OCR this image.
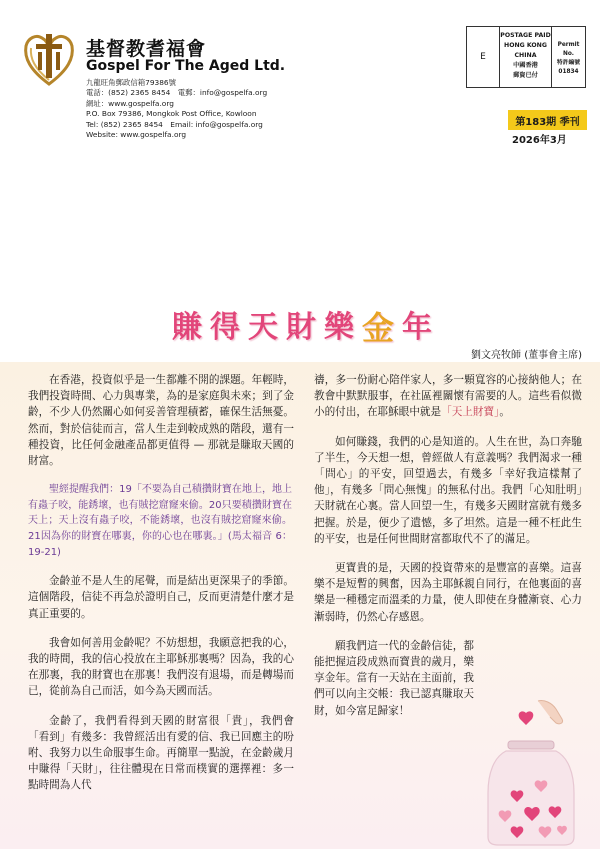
基督教耆福會
Gospel For The Aged Ltd.
九龍旺角郵政信箱79386號
電話：(852) 2365 8454　電郵：info@gospelfa.org
網址：www.gospelfa.org
P.O. Box 79386, Mongkok Post Office, Kowloon
Tel: (852) 2365 8454　Email: info@gospelfa.org
Website: www.gospelfa.org
E
POSTAGE PAID
HONG KONG
CHINA
中國香港
郵資已付
Permit No.
特許編號
01834
第183期 季刊
2026年3月
賺 得 天 財 樂 金 年
劉文亮牧師 (董事會主席)

在香港，投資似乎是一生都離不開的課題。年輕時，我們投資時間、心力與專業，為的是家庭與未來；到了金齡，不少人仍然關心如何妥善管理積蓄，確保生活無憂。然而，對於信徒而言，當人生走到較成熟的階段，還有一種投資，比任何金融產品都更值得 — 那就是賺取天國的財富。

聖經提醒我們：19「不要為自己積攢財寶在地上，地上有蟲子咬，能銹壞，也有賊挖窟窿來偷。20只要積攢財寶在天上；天上沒有蟲子咬，不能銹壞，也沒有賊挖窟窿來偷。21因為你的財寶在哪裏，你的心也在哪裏。」(馬太福音 6：19-21)

金齡並不是人生的尾聲，而是結出更深果子的季節。這個階段，信徒不再急於證明自己，反而更清楚什麼才是真正重要的。

我會如何善用金齡呢？不妨想想，我願意把我的心，我的時間，我的信心投放在主耶穌那裏嗎？因為，我的心在那裏，我的財寶也在那裏！我們沒有退場，而是轉場而已，從前為自己而活，如今為天國而活。

金齡了，我們看得到天國的財富很「貴」，我們會「看到」有幾多：我曾經活出有愛的信、我已回應主的吩咐、我努力以生命服事生命。再簡單一點說，在金齡歲月中賺得「天財」，往往體現在日常而樸實的選擇裡：多一點時間為人代

禱，多一份耐心陪伴家人，多一顆寬容的心接納他人；在教會中默默服事，在社區裡關懷有需要的人。這些看似微小的付出，在耶穌眼中就是「天上財寶」。

如何賺錢，我們的心是知道的。人生在世，為口奔馳了半生，今天想一想，曾經做人有意義嗎？我們渴求一種「問心」的平安，回望過去，有幾多「幸好我這樣幫了他」，有幾多「問心無愧」的無私付出。我們「心知肚明」天財就在心裏。當人回望一生，有幾多天國財富就有幾多把握。於是，便少了遺憾，多了坦然。這是一種不枉此生的平安，也是任何世間財富都取代不了的滿足。

更寶貴的是，天國的投資帶來的是豐富的喜樂。這喜樂不是短暫的興奮，因為主耶穌親自同行，在他裏面的喜樂是一種穩定而溫柔的力量，使人即使在身體漸衰、心力漸弱時，仍然心存感恩。

願我們這一代的金齡信徒，都能把握這段成熟而寶貴的歲月，樂享金年。當有一天站在主面前，我們可以向主交帳：我已認真賺取天財，如今富足歸家！
